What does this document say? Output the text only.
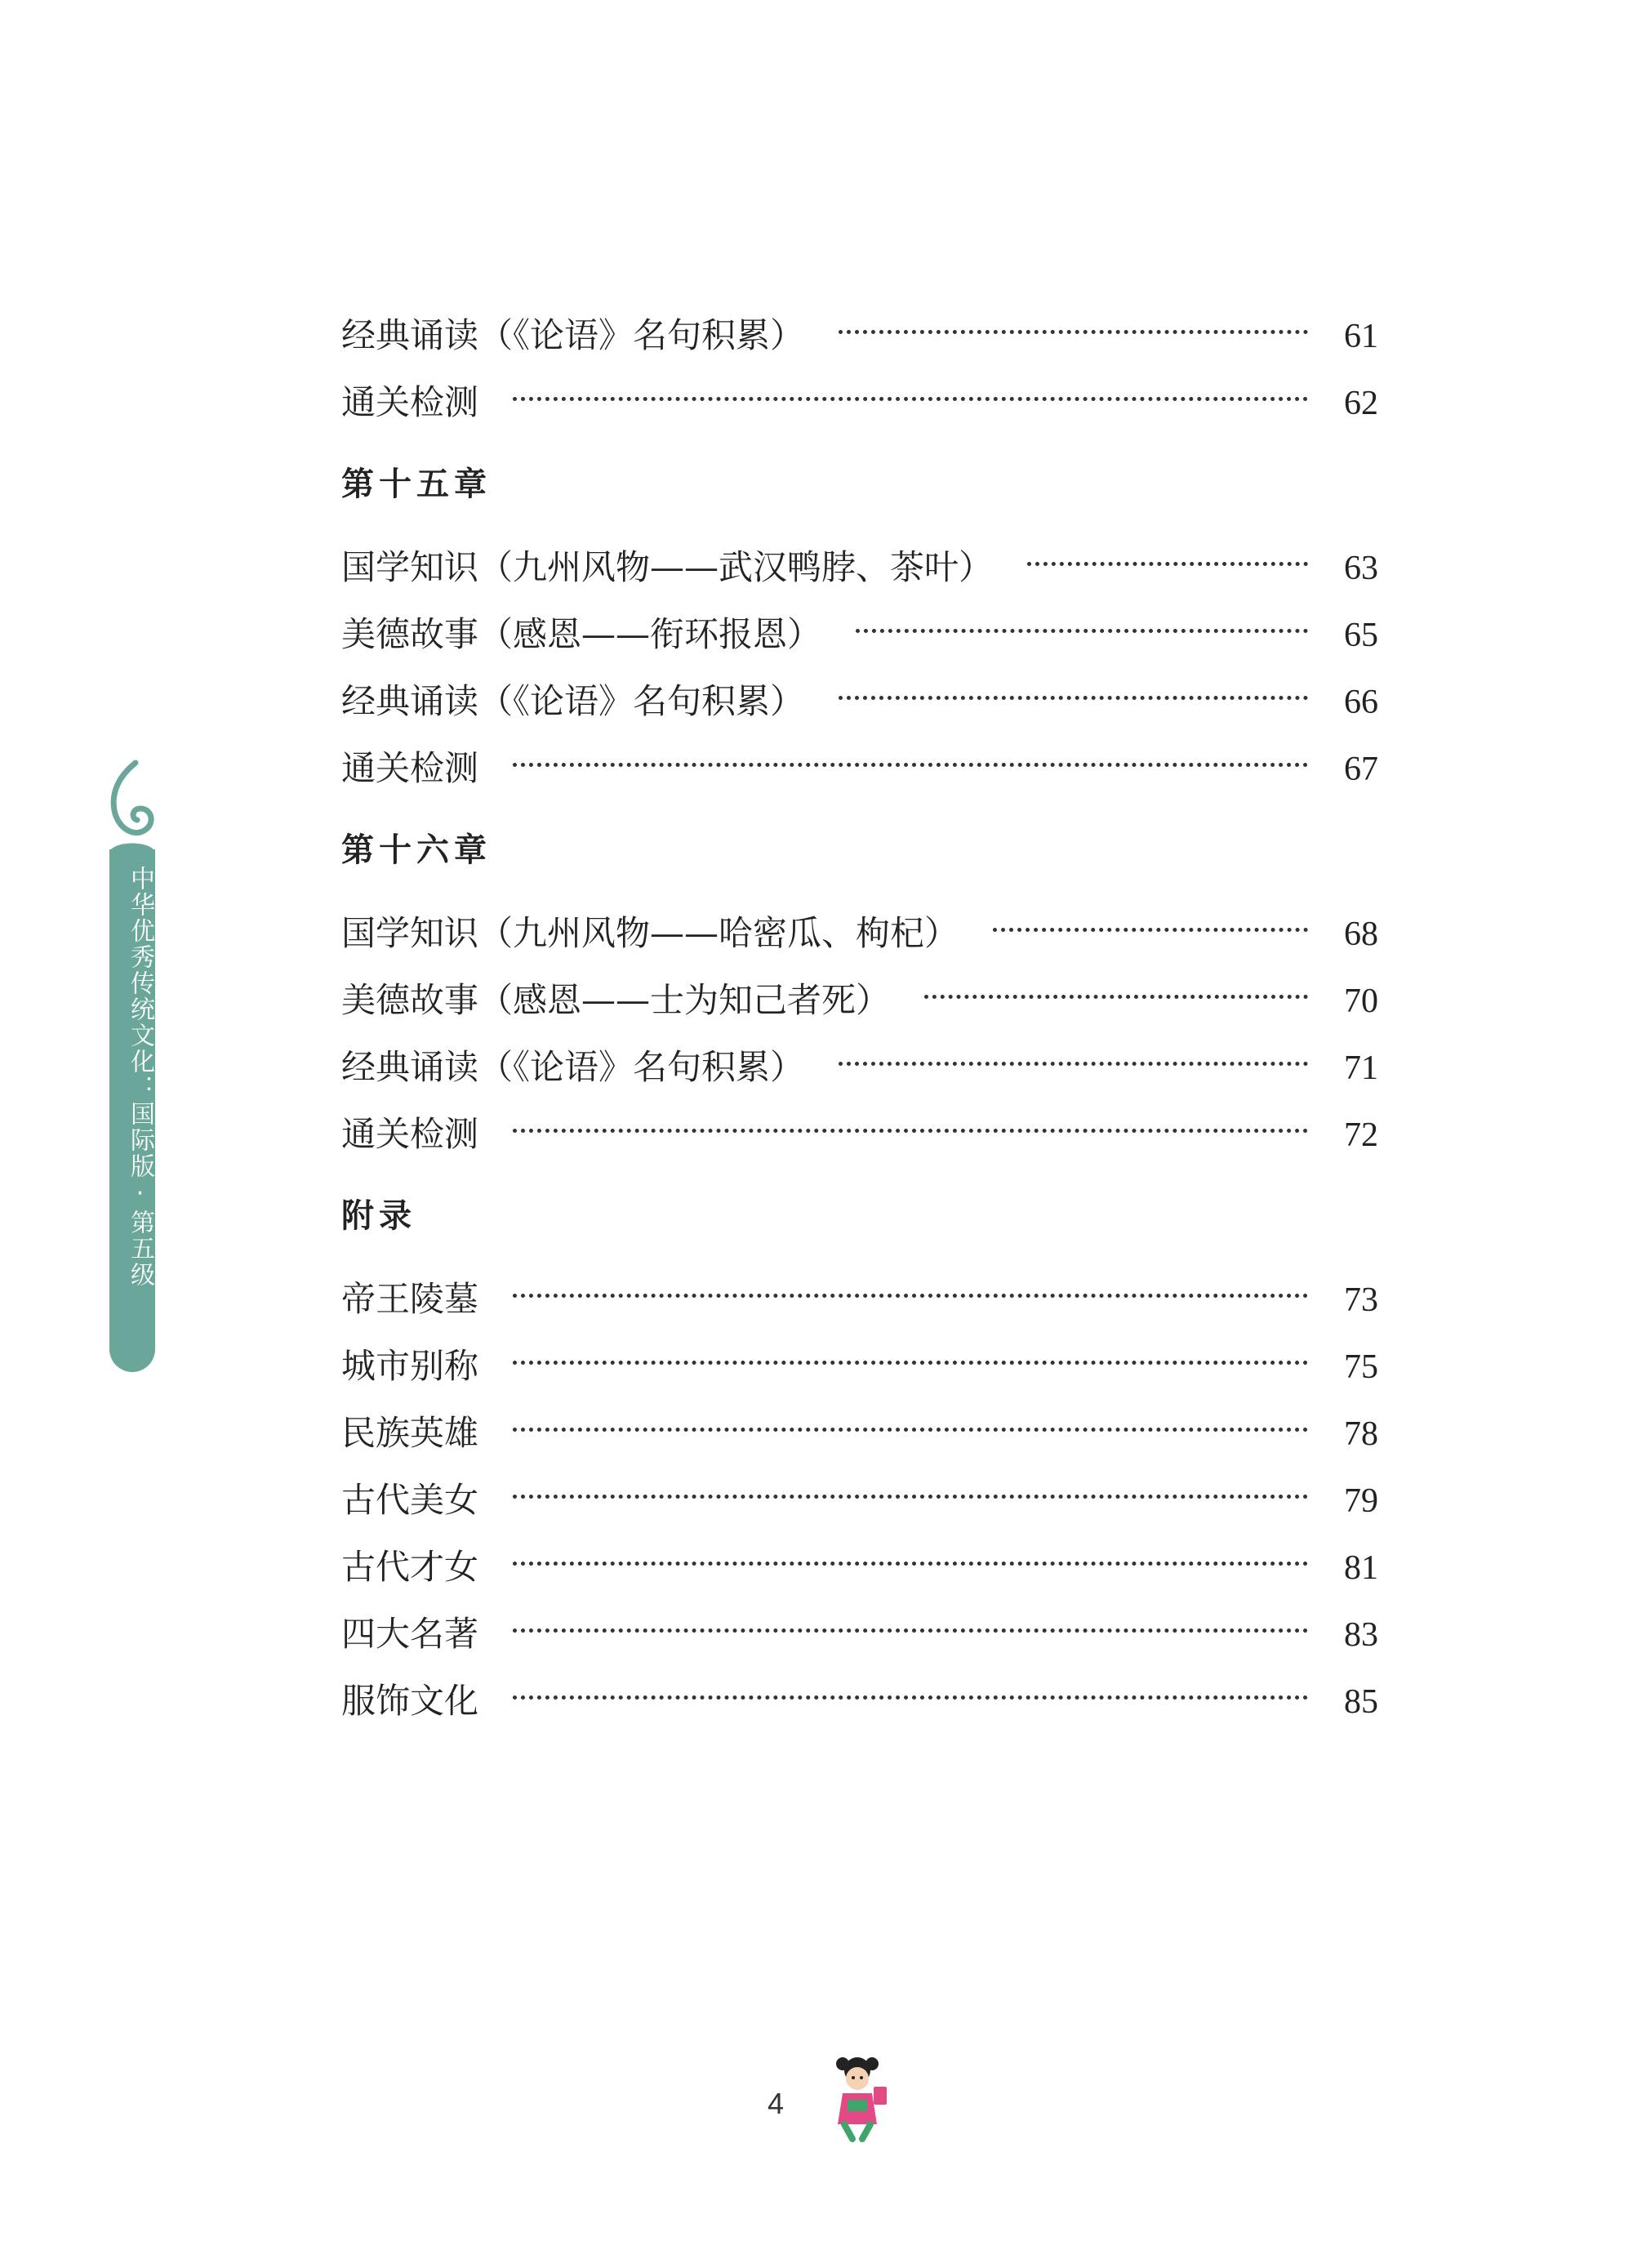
中华优秀传统文化：国际版·第五级
经典诵读（《论语》名句积累）	61
通关检测	62
第十五章
国学知识（九州风物——武汉鸭脖、茶叶）	63
美德故事（感恩——衔环报恩）	65
经典诵读（《论语》名句积累）	66
通关检测	67
第十六章
国学知识（九州风物——哈密瓜、枸杞）	68
美德故事（感恩——士为知己者死）	70
经典诵读（《论语》名句积累）	71
通关检测	72
附录
帝王陵墓	73
城市别称	75
民族英雄	78
古代美女	79
古代才女	81
四大名著	83
服饰文化	85
4
